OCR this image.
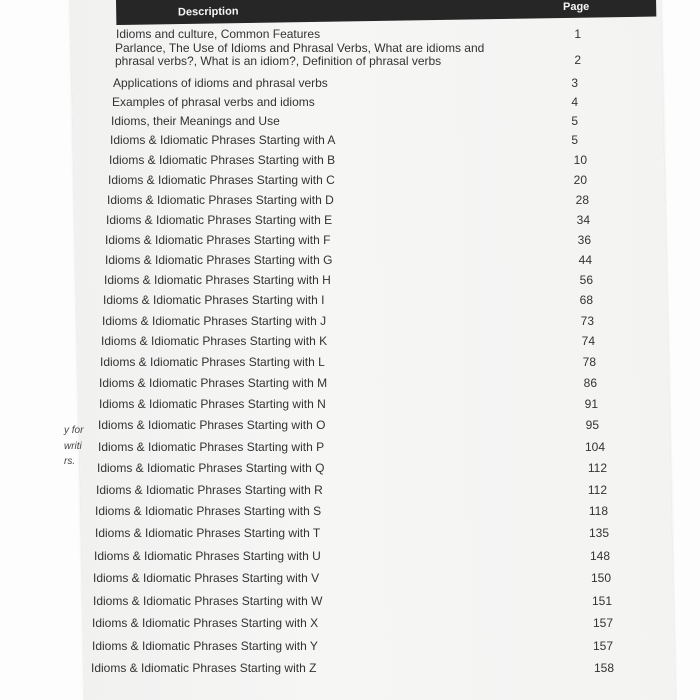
Description	Page
Idioms and culture, Common Features	1
Parlance, The Use of Idioms and Phrasal Verbs, What are idioms and
phrasal verbs?, What is an idiom?, Definition of phrasal verbs	2
Applications of idioms and phrasal verbs	3
Examples of phrasal verbs and idioms	4
Idioms, their Meanings and Use	5
Idioms & Idiomatic Phrases Starting with A	5
Idioms & Idiomatic Phrases Starting with B	10
Idioms & Idiomatic Phrases Starting with C	20
Idioms & Idiomatic Phrases Starting with D	28
Idioms & Idiomatic Phrases Starting with E	34
Idioms & Idiomatic Phrases Starting with F	36
Idioms & Idiomatic Phrases Starting with G	44
Idioms & Idiomatic Phrases Starting with H	56
Idioms & Idiomatic Phrases Starting with I	68
Idioms & Idiomatic Phrases Starting with J	73
Idioms & Idiomatic Phrases Starting with K	74
Idioms & Idiomatic Phrases Starting with L	78
Idioms & Idiomatic Phrases Starting with M	86
Idioms & Idiomatic Phrases Starting with N	91
Idioms & Idiomatic Phrases Starting with O	95
Idioms & Idiomatic Phrases Starting with P	104
Idioms & Idiomatic Phrases Starting with Q	112
Idioms & Idiomatic Phrases Starting with R	112
Idioms & Idiomatic Phrases Starting with S	118
Idioms & Idiomatic Phrases Starting with T	135
Idioms & Idiomatic Phrases Starting with U	148
Idioms & Idiomatic Phrases Starting with V	150
Idioms & Idiomatic Phrases Starting with W	151
Idioms & Idiomatic Phrases Starting with X	157
Idioms & Idiomatic Phrases Starting with Y	157
Idioms & Idiomatic Phrases Starting with Z	158
y for
writi
rs.
